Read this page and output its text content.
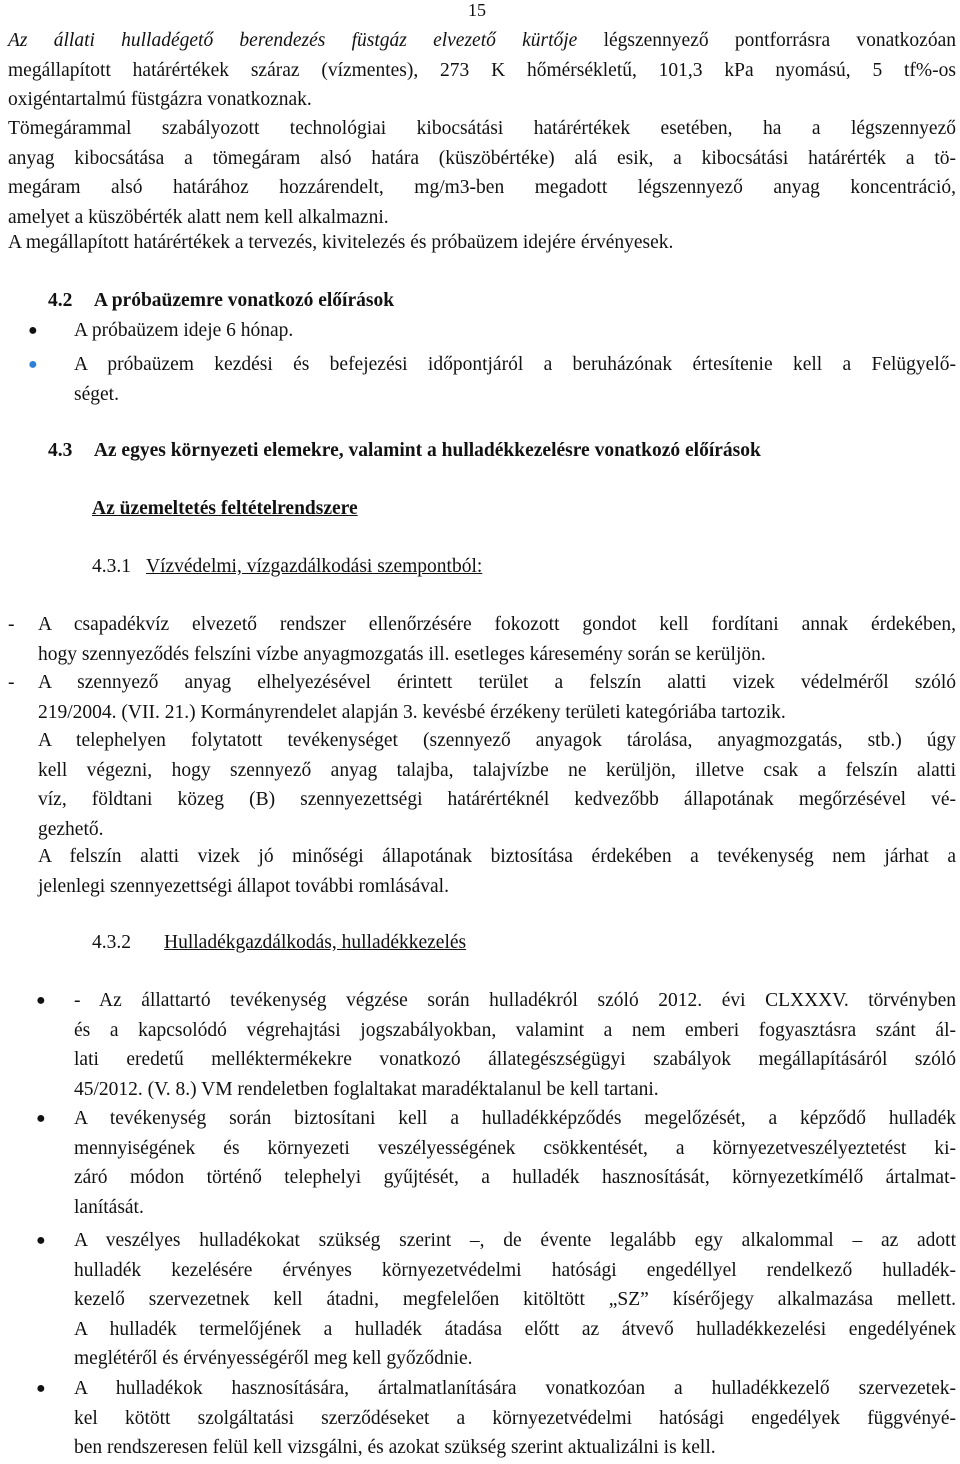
15
Az állati hulladégető berendezés füstgáz elvezető kürtője légszennyező pontforrásra vonatkozóan
megállapított határértékek száraz (vízmentes), 273 K hőmérsékletű, 101,3 kPa nyomású, 5 tf%-os
oxigéntartalmú füstgázra vonatkoznak.
Tömegárammal szabályozott technológiai kibocsátási határértékek esetében, ha a légszennyező
anyag kibocsátása a tömegáram alsó határa (küszöbértéke) alá esik, a kibocsátási határérték a tö-
megáram alsó határához hozzárendelt, mg/m3-ben megadott légszennyező anyag koncentráció,
amelyet a küszöbérték alatt nem kell alkalmazni.
A megállapított határértékek a tervezés, kivitelezés és próbaüzem idejére érvényesek.
4.2 A próbaüzemre vonatkozó előírások
● A próbaüzem ideje 6 hónap.
● A próbaüzem kezdési és befejezési időpontjáról a beruházónak értesítenie kell a Felügyelő-
séget.
4.3 Az egyes környezeti elemekre, valamint a hulladékkezelésre vonatkozó előírások
Az üzemeltetés feltételrendszere
4.3.1 Vízvédelmi, vízgazdálkodási szempontból:
- A csapadékvíz elvezető rendszer ellenőrzésére fokozott gondot kell fordítani annak érdekében,
hogy szennyeződés felszíni vízbe anyagmozgatás ill. esetleges káresemény során se kerüljön.
- A szennyező anyag elhelyezésével érintett terület a felszín alatti vizek védelméről szóló
219/2004. (VII. 21.) Kormányrendelet alapján 3. kevésbé érzékeny területi kategóriába tartozik.
A telephelyen folytatott tevékenységet (szennyező anyagok tárolása, anyagmozgatás, stb.) úgy
kell végezni, hogy szennyező anyag talajba, talajvízbe ne kerüljön, illetve csak a felszín alatti
víz, földtani közeg (B) szennyezettségi határértéknél kedvezőbb állapotának megőrzésével vé-
gezhető.
A felszín alatti vizek jó minőségi állapotának biztosítása érdekében a tevékenység nem járhat a
jelenlegi szennyezettségi állapot további romlásával.
4.3.2 Hulladékgazdálkodás, hulladékkezelés
● - Az állattartó tevékenység végzése során hulladékról szóló 2012. évi CLXXXV. törvényben
és a kapcsolódó végrehajtási jogszabályokban, valamint a nem emberi fogyasztásra szánt ál-
lati eredetű melléktermékekre vonatkozó állategészségügyi szabályok megállapításáról szóló
45/2012. (V. 8.) VM rendeletben foglaltakat maradéktalanul be kell tartani.
● A tevékenység során biztosítani kell a hulladékképződés megelőzését, a képződő hulladék
mennyiségének és környezeti veszélyességének csökkentését, a környezetveszélyeztetést ki-
záró módon történő telephelyi gyűjtését, a hulladék hasznosítását, környezetkímélő ártalmat-
lanítását.
● A veszélyes hulladékokat szükség szerint –, de évente legalább egy alkalommal – az adott
hulladék kezelésére érvényes környezetvédelmi hatósági engedéllyel rendelkező hulladék-
kezelő szervezetnek kell átadni, megfelelően kitöltött „SZ” kísérőjegy alkalmazása mellett.
A hulladék termelőjének a hulladék átadása előtt az átvevő hulladékkezelési engedélyének
meglétéről és érvényességéről meg kell győződnie.
● A hulladékok hasznosítására, ártalmatlanítására vonatkozóan a hulladékkezelő szervezetek-
kel kötött szolgáltatási szerződéseket a környezetvédelmi hatósági engedélyek függvényé-
ben rendszeresen felül kell vizsgálni, és azokat szükség szerint aktualizálni is kell.
